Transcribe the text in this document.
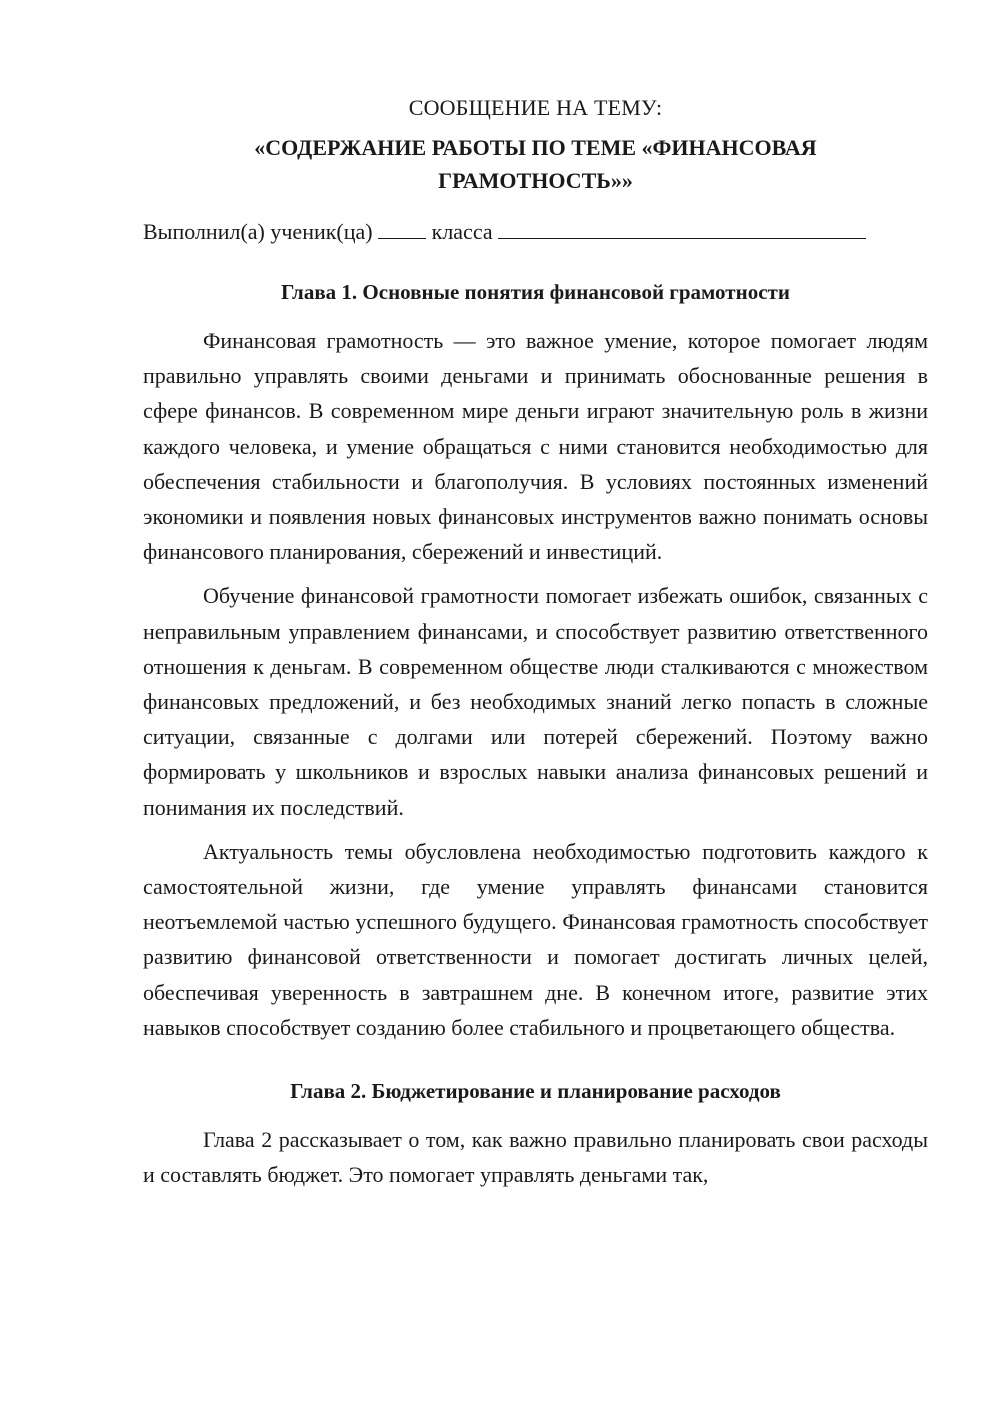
СООБЩЕНИЕ НА ТЕМУ:

«СОДЕРЖАНИЕ РАБОТЫ ПО ТЕМЕ «ФИНАНСОВАЯ ГРАМОТНОСТЬ»»

Выполнил(а) ученик(ца)	класса

Глава 1. Основные понятия финансовой грамотности

Финансовая грамотность — это важное умение, которое помогает людям правильно управлять своими деньгами и принимать обоснованные решения в сфере финансов. В современном мире деньги играют значительную роль в жизни каждого человека, и умение обращаться с ними становится необходимостью для обеспечения стабильности и благополучия. В условиях постоянных изменений экономики и появления новых финансовых инструментов важно понимать основы финансового планирования, сбережений и инвестиций.

Обучение финансовой грамотности помогает избежать ошибок, связанных с неправильным управлением финансами, и способствует развитию ответственного отношения к деньгам. В современном обществе люди сталкиваются с множеством финансовых предложений, и без необходимых знаний легко попасть в сложные ситуации, связанные с долгами или потерей сбережений. Поэтому важно формировать у школьников и взрослых навыки анализа финансовых решений и понимания их последствий.

Актуальность темы обусловлена необходимостью подготовить каждого к самостоятельной жизни, где умение управлять финансами становится неотъемлемой частью успешного будущего. Финансовая грамотность способствует развитию финансовой ответственности и помогает достигать личных целей, обеспечивая уверенность в завтрашнем дне. В конечном итоге, развитие этих навыков способствует созданию более стабильного и процветающего общества.

Глава 2. Бюджетирование и планирование расходов

Глава 2 рассказывает о том, как важно правильно планировать свои расходы и составлять бюджет. Это помогает управлять деньгами так,
